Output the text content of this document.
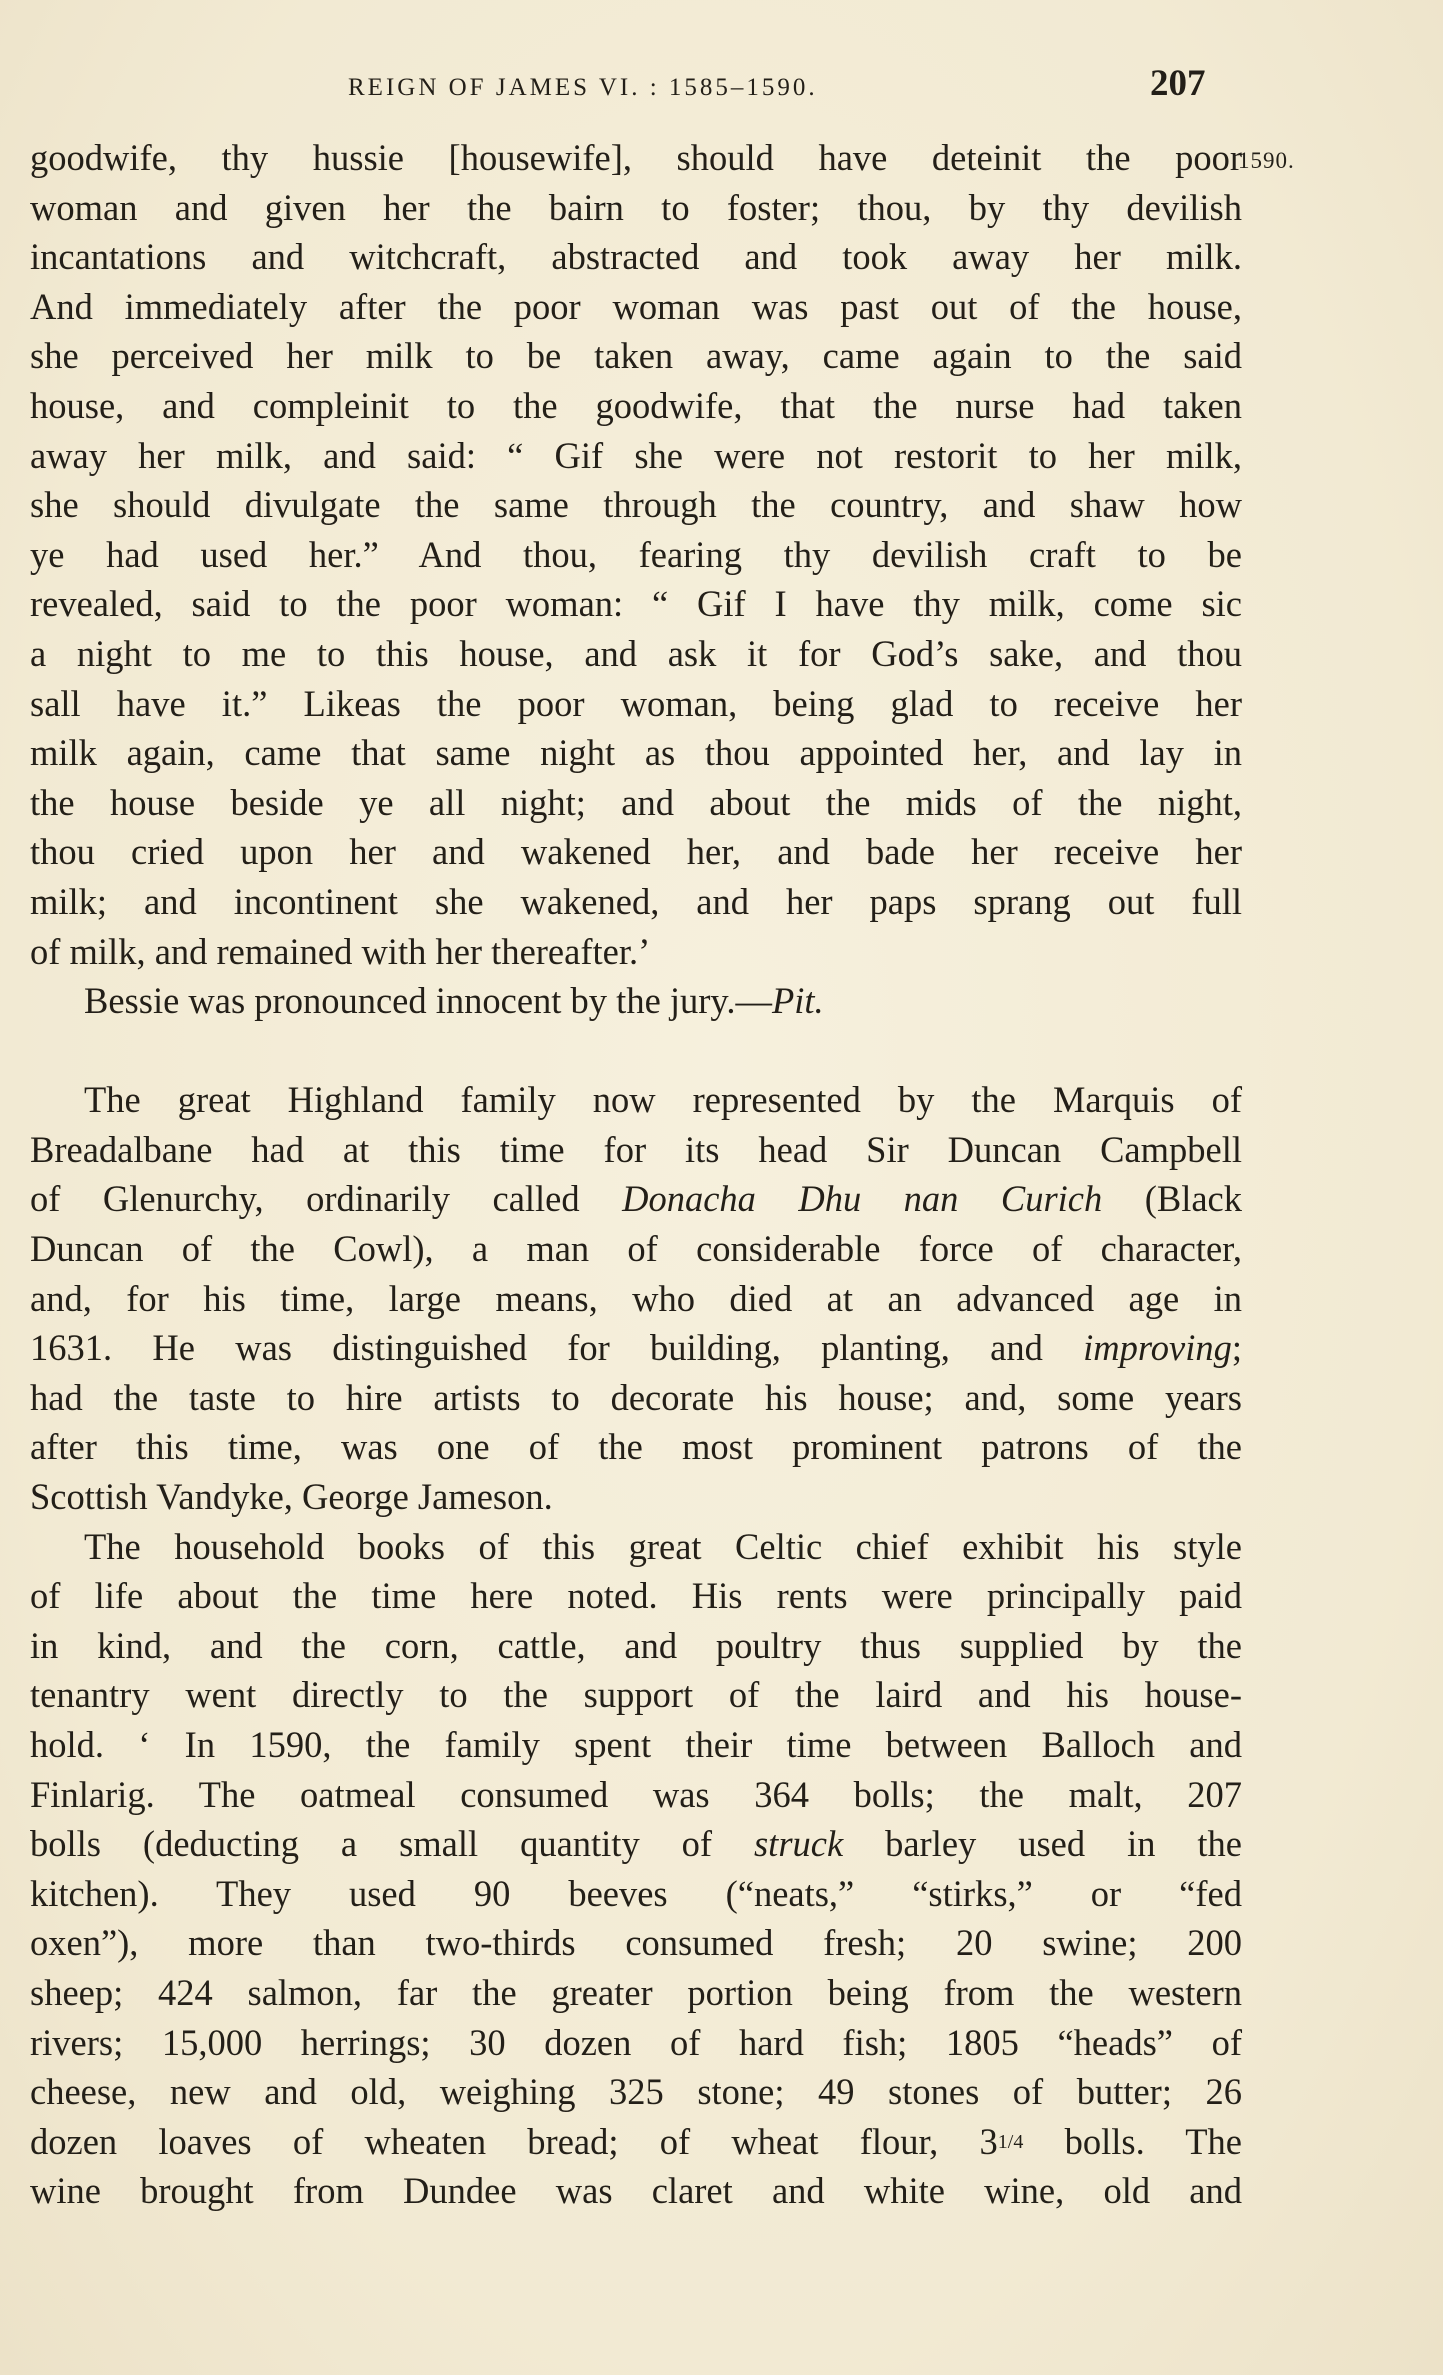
REIGN OF JAMES VI. : 1585–1590.	207
1590.
goodwife, thy hussie [housewife], should have deteinit the poor
woman and given her the bairn to foster; thou, by thy devilish
incantations and witchcraft, abstracted and took away her milk.
And immediately after the poor woman was past out of the house,
she perceived her milk to be taken away, came again to the said
house, and compleinit to the goodwife, that the nurse had taken
away her milk, and said: “ Gif she were not restorit to her milk,
she should divulgate the same through the country, and shaw how
ye had used her.” And thou, fearing thy devilish craft to be
revealed, said to the poor woman: “ Gif I have thy milk, come sic
a night to me to this house, and ask it for God’s sake, and thou
sall have it.” Likeas the poor woman, being glad to receive her
milk again, came that same night as thou appointed her, and lay in
the house beside ye all night; and about the mids of the night,
thou cried upon her and wakened her, and bade her receive her
milk; and incontinent she wakened, and her paps sprang out full
of milk, and remained with her thereafter.’
Bessie was pronounced innocent by the jury.—Pit.
The great Highland family now represented by the Marquis of
Breadalbane had at this time for its head Sir Duncan Campbell
of Glenurchy, ordinarily called Donacha Dhu nan Curich (Black
Duncan of the Cowl), a man of considerable force of character,
and, for his time, large means, who died at an advanced age in
1631. He was distinguished for building, planting, and improving;
had the taste to hire artists to decorate his house; and, some years
after this time, was one of the most prominent patrons of the
Scottish Vandyke, George Jameson.
The household books of this great Celtic chief exhibit his style
of life about the time here noted. His rents were principally paid
in kind, and the corn, cattle, and poultry thus supplied by the
tenantry went directly to the support of the laird and his house-
hold. ‘ In 1590, the family spent their time between Balloch and
Finlarig. The oatmeal consumed was 364 bolls; the malt, 207
bolls (deducting a small quantity of struck barley used in the
kitchen). They used 90 beeves (“neats,” “stirks,” or “fed
oxen”), more than two-thirds consumed fresh; 20 swine; 200
sheep; 424 salmon, far the greater portion being from the western
rivers; 15,000 herrings; 30 dozen of hard fish; 1805 “heads” of
cheese, new and old, weighing 325 stone; 49 stones of butter; 26
dozen loaves of wheaten bread; of wheat flour, 31/4 bolls. The
wine brought from Dundee was claret and white wine, old and
